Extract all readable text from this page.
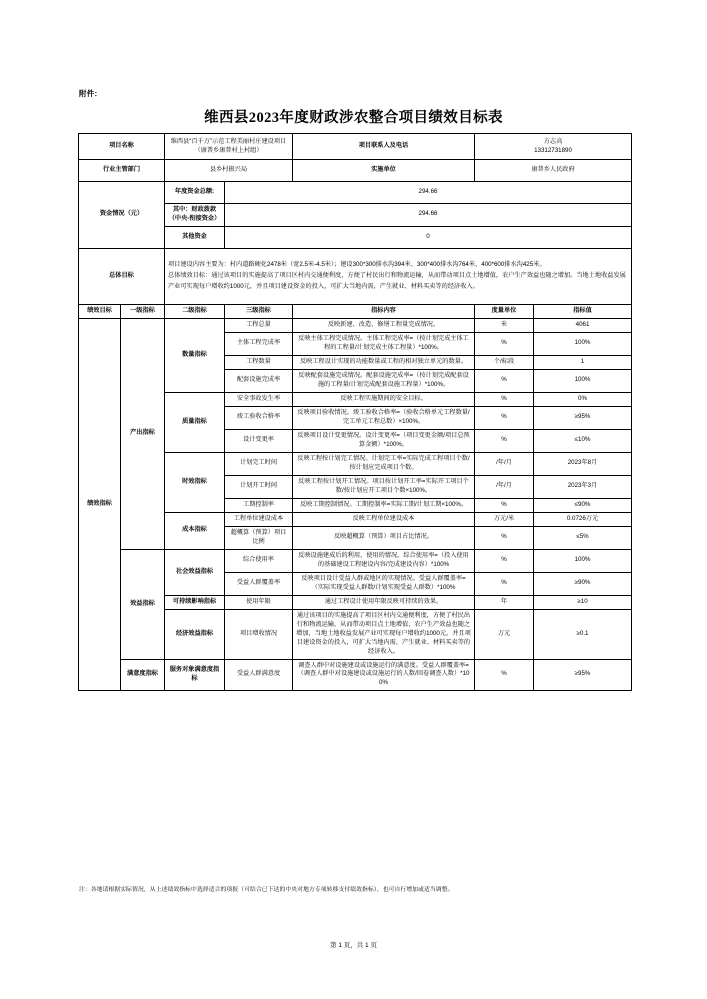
附件:
维西县2023年度财政涉农整合项目绩效目标表
项目名称		维西县“百千万”示范工程美丽村庄建设项目（康普乡康普村上村组）		项目联系人及电话	方志高
13312731890	
行业主管部门		县乡村振兴局		实施单位	康普乡人民政府	
资金情况（元）		年度资金总额:	294.66			
		其中：财政拨款（中央-衔接资金）	294.66			
		其他资金	0			
总体目标		项目建设内容主要为：村内道路硬化2478米（宽2.5米-4.5米）；建设300*300排水沟394米、300*400排水沟764米、400*600排水沟425米。
总体绩效目标：通过该项目的实施提高了项目区村内交通便利度，方便了村民出行和物流运输，从而带动项目点土地增值，农户生产效益也随之增加。当地土地收益发展产业可实现每户增收约1000元，并且项目建设资金的投入，可扩大当地内需，产生就业、材料买卖等的经济收入。				

绩效目标	一级指标	二级指标	三级指标	指标内容	度量单位	指标值
绩效指标	产出指标	数量指标	工程总量	反映新建、改造、修缮工程量完成情况。	米	4061
			主体工程完成率	反映主体工程完成情况。主体工程完成率=（按计划完成主体工程的工程量/计划完成主体工程量）*100%。	%	100%
			工程数量	反映工程设计实现的功能数量或工程的相对独立单元的数量。	个/标段	1
			配套设施完成率	反映配套设施完成情况。配套设施完成率=（按计划完成配套设施的工程量/计划完成配套设施工程量）*100%。	%	100%
		质量指标	安全事故发生率	反映工程实施期间的安全目标。	%	0%
			竣工验收合格率	反映项目验收情况。竣工验收合格率=（验收合格单元工程数量/完工单元工程总数）×100%。	%	≥95%
			设计变更率	反映项目设计变更情况。设计变更率=（项目变更金额/项目总预算金额）*100%。	%	≤10%
		时效指标	计划完工时间	反映工程按计划完工情况。计划完工率=实际完成工程项目个数/按计划应完成项目个数。	/年/月	2023年8月
			计划开工时间	反映工程按计划开工情况。项目按计划开工率=实际开工项目个数/按计划应开工项目个数×100%。	/年/月	2023年3月
			工期控制率	反映工期控制情况。工期控制率=实际工期/计划工期×100%。	%	≤90%
		成本指标	工程单位建设成本	反映工程单位建设成本	万元/米	0.0726万元
			超概算（预算）项目比例	反映超概算（预算）项目占比情况。	%	≤5%
	效益指标	社会效益指标	综合使用率	反映设施建成后的利用、使用的情况。综合使用率=（投入使用的基础建设工程建设内容/完成建设内容）*100%	%	100%
			受益人群覆盖率	反映项目设计受益人群或地区的实现情况。受益人群覆盖率=（实际实现受益人群数/计划实现受益人群数）*100%	%	≥90%
		可持续影响指标	使用年限	通过工程设计使用年限反映可持续的效果。	年	≥10
		经济效益指标	项目增收情况	通过该项目的实施提高了项目区村内交通便利度，方便了村民出行和物流运输，从而带动项目点土地增值，农户生产效益也随之增加，当地土地收益发展产业可实现每户增收约1000元，并且项目建设资金的投入，可扩大当地内需，产生就业、材料买卖等的经济收入。	万元	≥0.1
	满意度指标	服务对象满意度指标	受益人群满意度	调查人群中对设施建设或设施运行的满意度。受益人群覆盖率=（调查人群中对设施建设或设施运行的人数/回卷调查人数）*100%	%	≥95%
注：各地请根据实际情况，从上述绩效指标中选择适合的项报（可结合已下达的中央对地方专项转移支付绩效指标），也可自行增加或适当调整。
第 1 页，共 1 页
